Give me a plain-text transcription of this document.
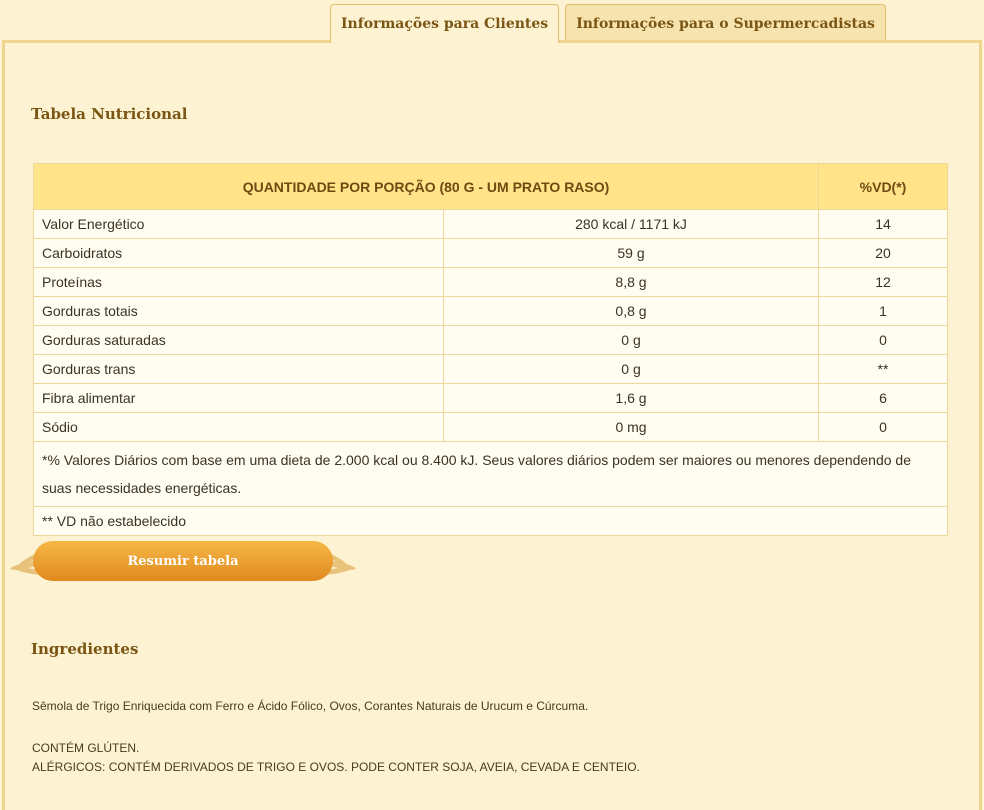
Informações para Clientes	Informações para o Supermercadistas
Tabela Nutricional
QUANTIDADE POR PORÇÃO (80 G - UM PRATO RASO)		%VD(*)
Valor Energético	280 kcal / 1171 kJ	14
Carboidratos	59 g	20
Proteínas	8,8 g	12
Gorduras totais	0,8 g	1
Gorduras saturadas	0 g	0
Gorduras trans	0 g	**
Fibra alimentar	1,6 g	6
Sódio	0 mg	0
*% Valores Diários com base em uma dieta de 2.000 kcal ou 8.400 kJ. Seus valores diários podem ser maiores ou menores dependendo de suas necessidades energéticas.		
** VD não estabelecido		
Resumir tabela
Ingredientes
Sêmola de Trigo Enriquecida com Ferro e Ácido Fólico, Ovos, Corantes Naturais de Urucum e Cúrcuma.
CONTÉM GLÚTEN.
ALÉRGICOS: CONTÉM DERIVADOS DE TRIGO E OVOS. PODE CONTER SOJA, AVEIA, CEVADA E CENTEIO.
